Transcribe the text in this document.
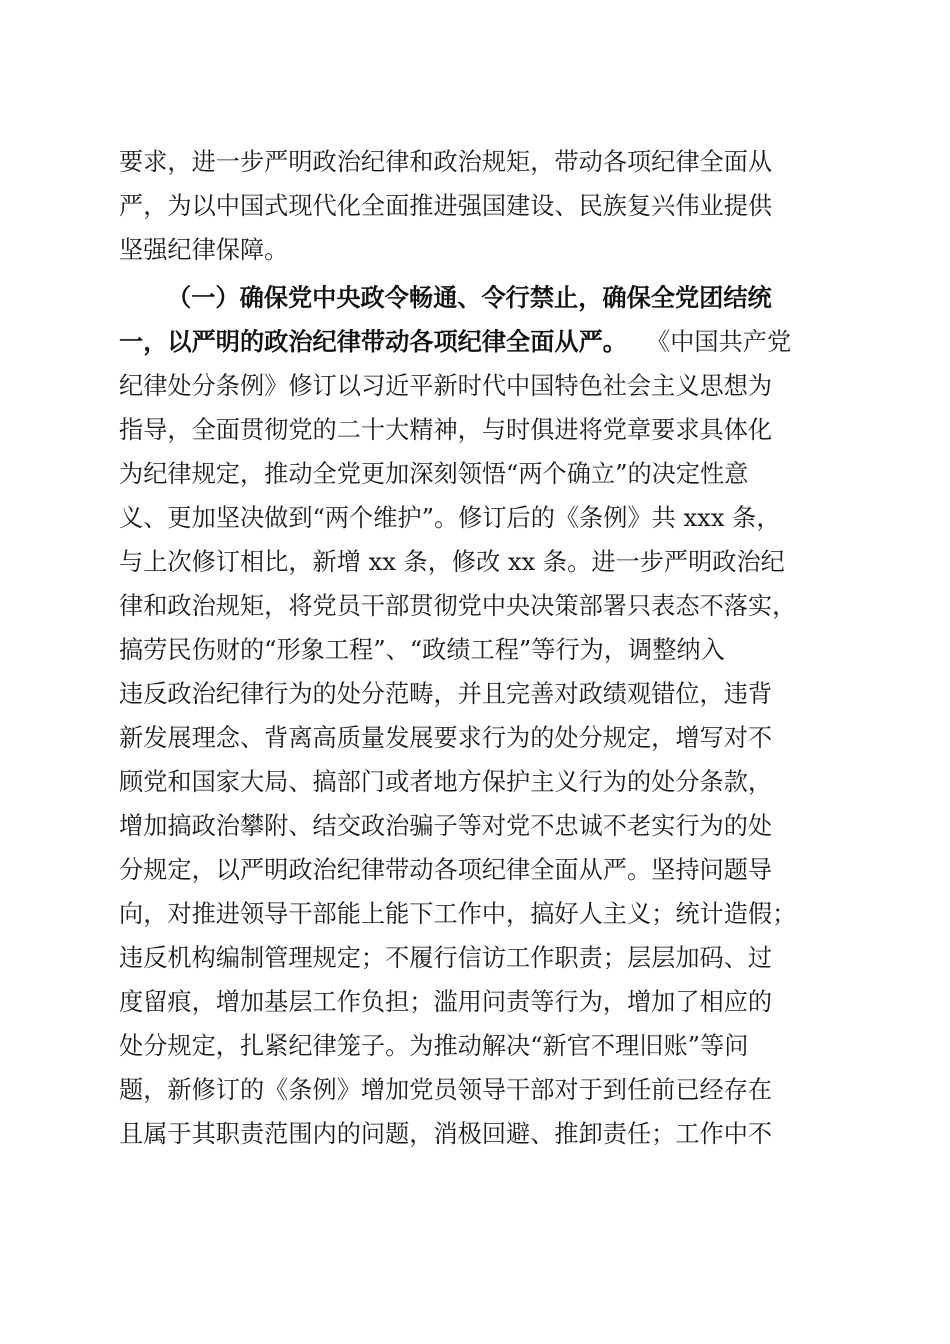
要求，进一步严明政治纪律和政治规矩，带动各项纪律全面从
严，为以中国式现代化全面推进强国建设、民族复兴伟业提供
坚强纪律保障。
（一）确保党中央政令畅通、令行禁止，确保全党团结统
一，以严明的政治纪律带动各项纪律全面从严。 《中国共产党
纪律处分条例》修订以习近平新时代中国特色社会主义思想为
指导，全面贯彻党的二十大精神，与时俱进将党章要求具体化
为纪律规定，推动全党更加深刻领悟“两个确立”的决定性意
义、更加坚决做到“两个维护”。修订后的《条例》共 xxx 条，
与上次修订相比，新增 xx 条，修改 xx 条。进一步严明政治纪
律和政治规矩，将党员干部贯彻党中央决策部署只表态不落实，
搞劳民伤财的“形象工程”、“政绩工程”等行为，调整纳入
违反政治纪律行为的处分范畴，并且完善对政绩观错位，违背
新发展理念、背离高质量发展要求行为的处分规定，增写对不
顾党和国家大局、搞部门或者地方保护主义行为的处分条款，
增加搞政治攀附、结交政治骗子等对党不忠诚不老实行为的处
分规定，以严明政治纪律带动各项纪律全面从严。坚持问题导
向，对推进领导干部能上能下工作中，搞好人主义；统计造假；
违反机构编制管理规定；不履行信访工作职责；层层加码、过
度留痕，增加基层工作负担；滥用问责等行为，增加了相应的
处分规定，扎紧纪律笼子。为推动解决“新官不理旧账”等问
题，新修订的《条例》增加党员领导干部对于到任前已经存在
且属于其职责范围内的问题，消极回避、推卸责任；工作中不
